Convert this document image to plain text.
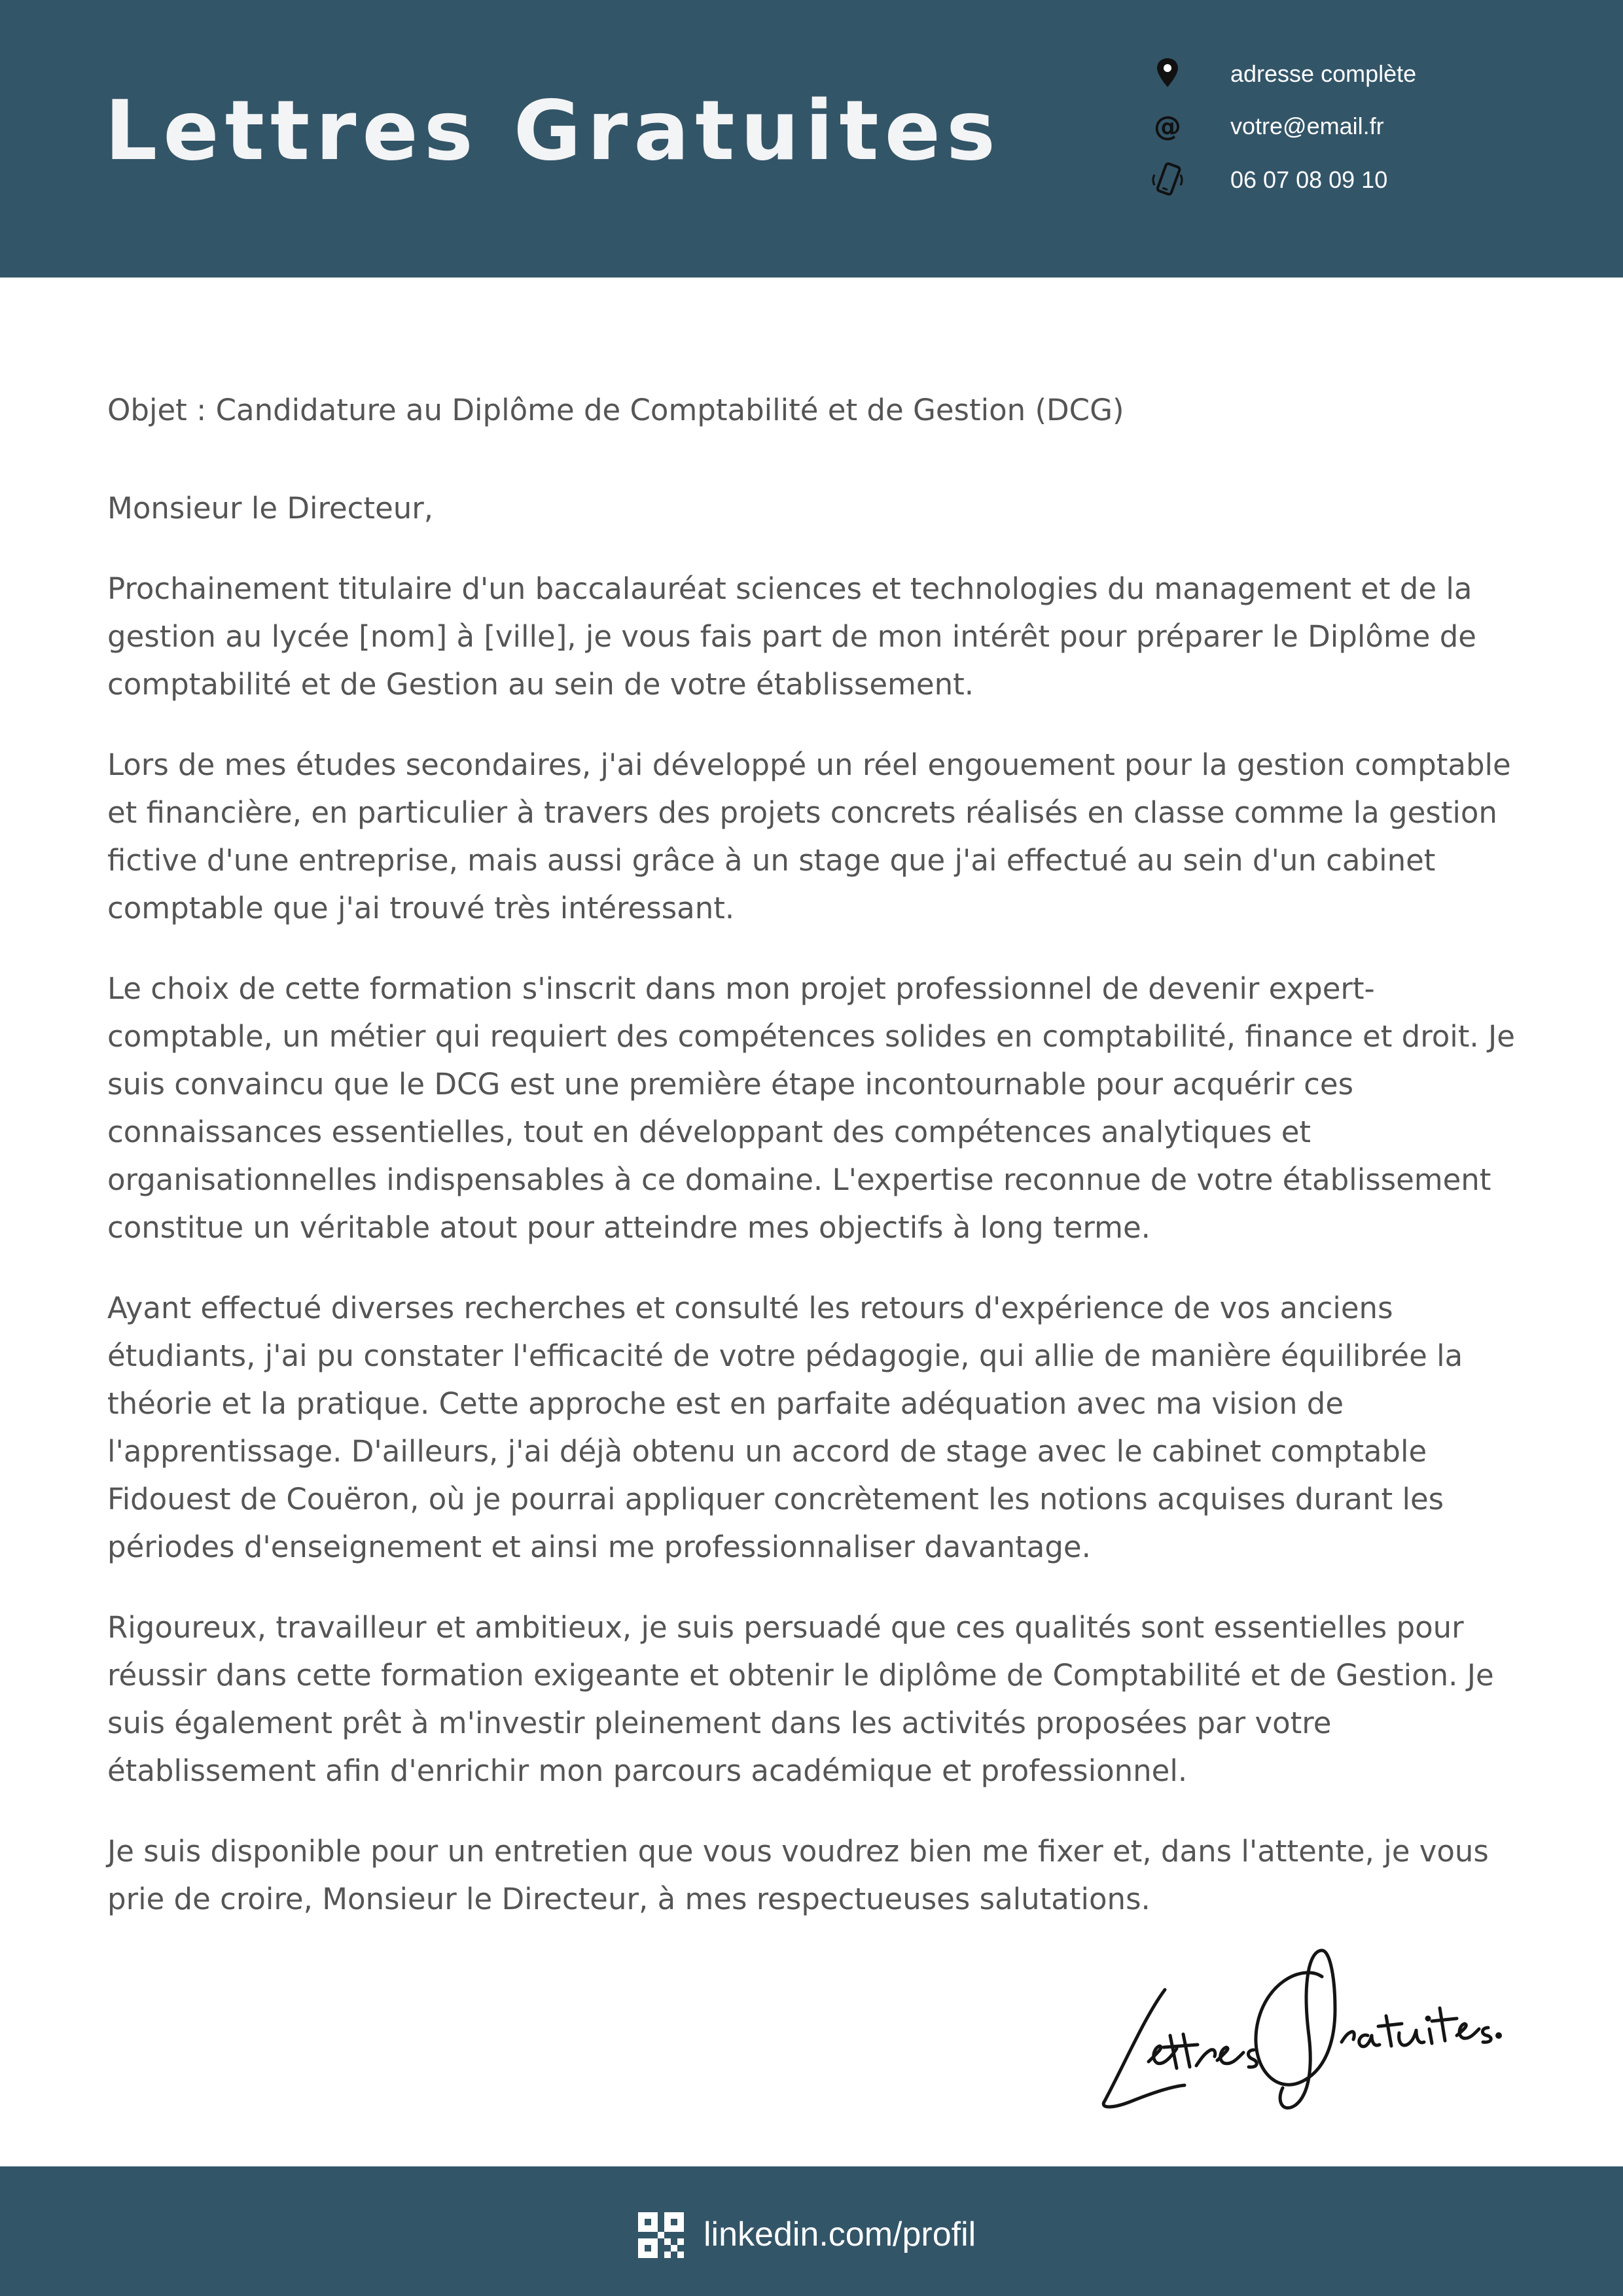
Lettres Gratuites
adresse complète
@ votre@email.fr
06 07 08 09 10

Objet : Candidature au Diplôme de Comptabilité et de Gestion (DCG)

Monsieur le Directeur,

Prochainement titulaire d'un baccalauréat sciences et technologies du management et de la gestion au lycée [nom] à [ville], je vous fais part de mon intérêt pour préparer le Diplôme de comptabilité et de Gestion au sein de votre établissement.

Lors de mes études secondaires, j'ai développé un réel engouement pour la gestion comptable et financière, en particulier à travers des projets concrets réalisés en classe comme la gestion fictive d'une entreprise, mais aussi grâce à un stage que j'ai effectué au sein d'un cabinet comptable que j'ai trouvé très intéressant.

Le choix de cette formation s'inscrit dans mon projet professionnel de devenir expert-comptable, un métier qui requiert des compétences solides en comptabilité, finance et droit. Je suis convaincu que le DCG est une première étape incontournable pour acquérir ces connaissances essentielles, tout en développant des compétences analytiques et organisationnelles indispensables à ce domaine. L'expertise reconnue de votre établissement constitue un véritable atout pour atteindre mes objectifs à long terme.

Ayant effectué diverses recherches et consulté les retours d'expérience de vos anciens étudiants, j'ai pu constater l'efficacité de votre pédagogie, qui allie de manière équilibrée la théorie et la pratique. Cette approche est en parfaite adéquation avec ma vision de l'apprentissage. D'ailleurs, j'ai déjà obtenu un accord de stage avec le cabinet comptable Fidouest de Couëron, où je pourrai appliquer concrètement les notions acquises durant les périodes d'enseignement et ainsi me professionnaliser davantage.

Rigoureux, travailleur et ambitieux, je suis persuadé que ces qualités sont essentielles pour réussir dans cette formation exigeante et obtenir le diplôme de Comptabilité et de Gestion. Je suis également prêt à m'investir pleinement dans les activités proposées par votre établissement afin d'enrichir mon parcours académique et professionnel.

Je suis disponible pour un entretien que vous voudrez bien me fixer et, dans l'attente, je vous prie de croire, Monsieur le Directeur, à mes respectueuses salutations.

linkedin.com/profil
